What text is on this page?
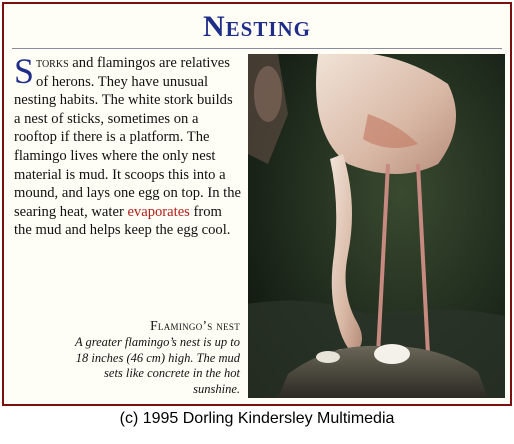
Nesting
Storks and flamingos are relatives of herons. They have unusual nesting habits. The white stork builds a nest of sticks, sometimes on a rooftop if there is a platform. The flamingo lives where the only nest material is mud. It scoops this into a mound, and lays one egg on top. In the searing heat, water evaporates from the mud and helps keep the egg cool.
Flamingo’s nest
A greater flamingo’s nest is up to 18 inches (46 cm) high. The mud sets like concrete in the hot sunshine.
(c) 1995 Dorling Kindersley Multimedia
